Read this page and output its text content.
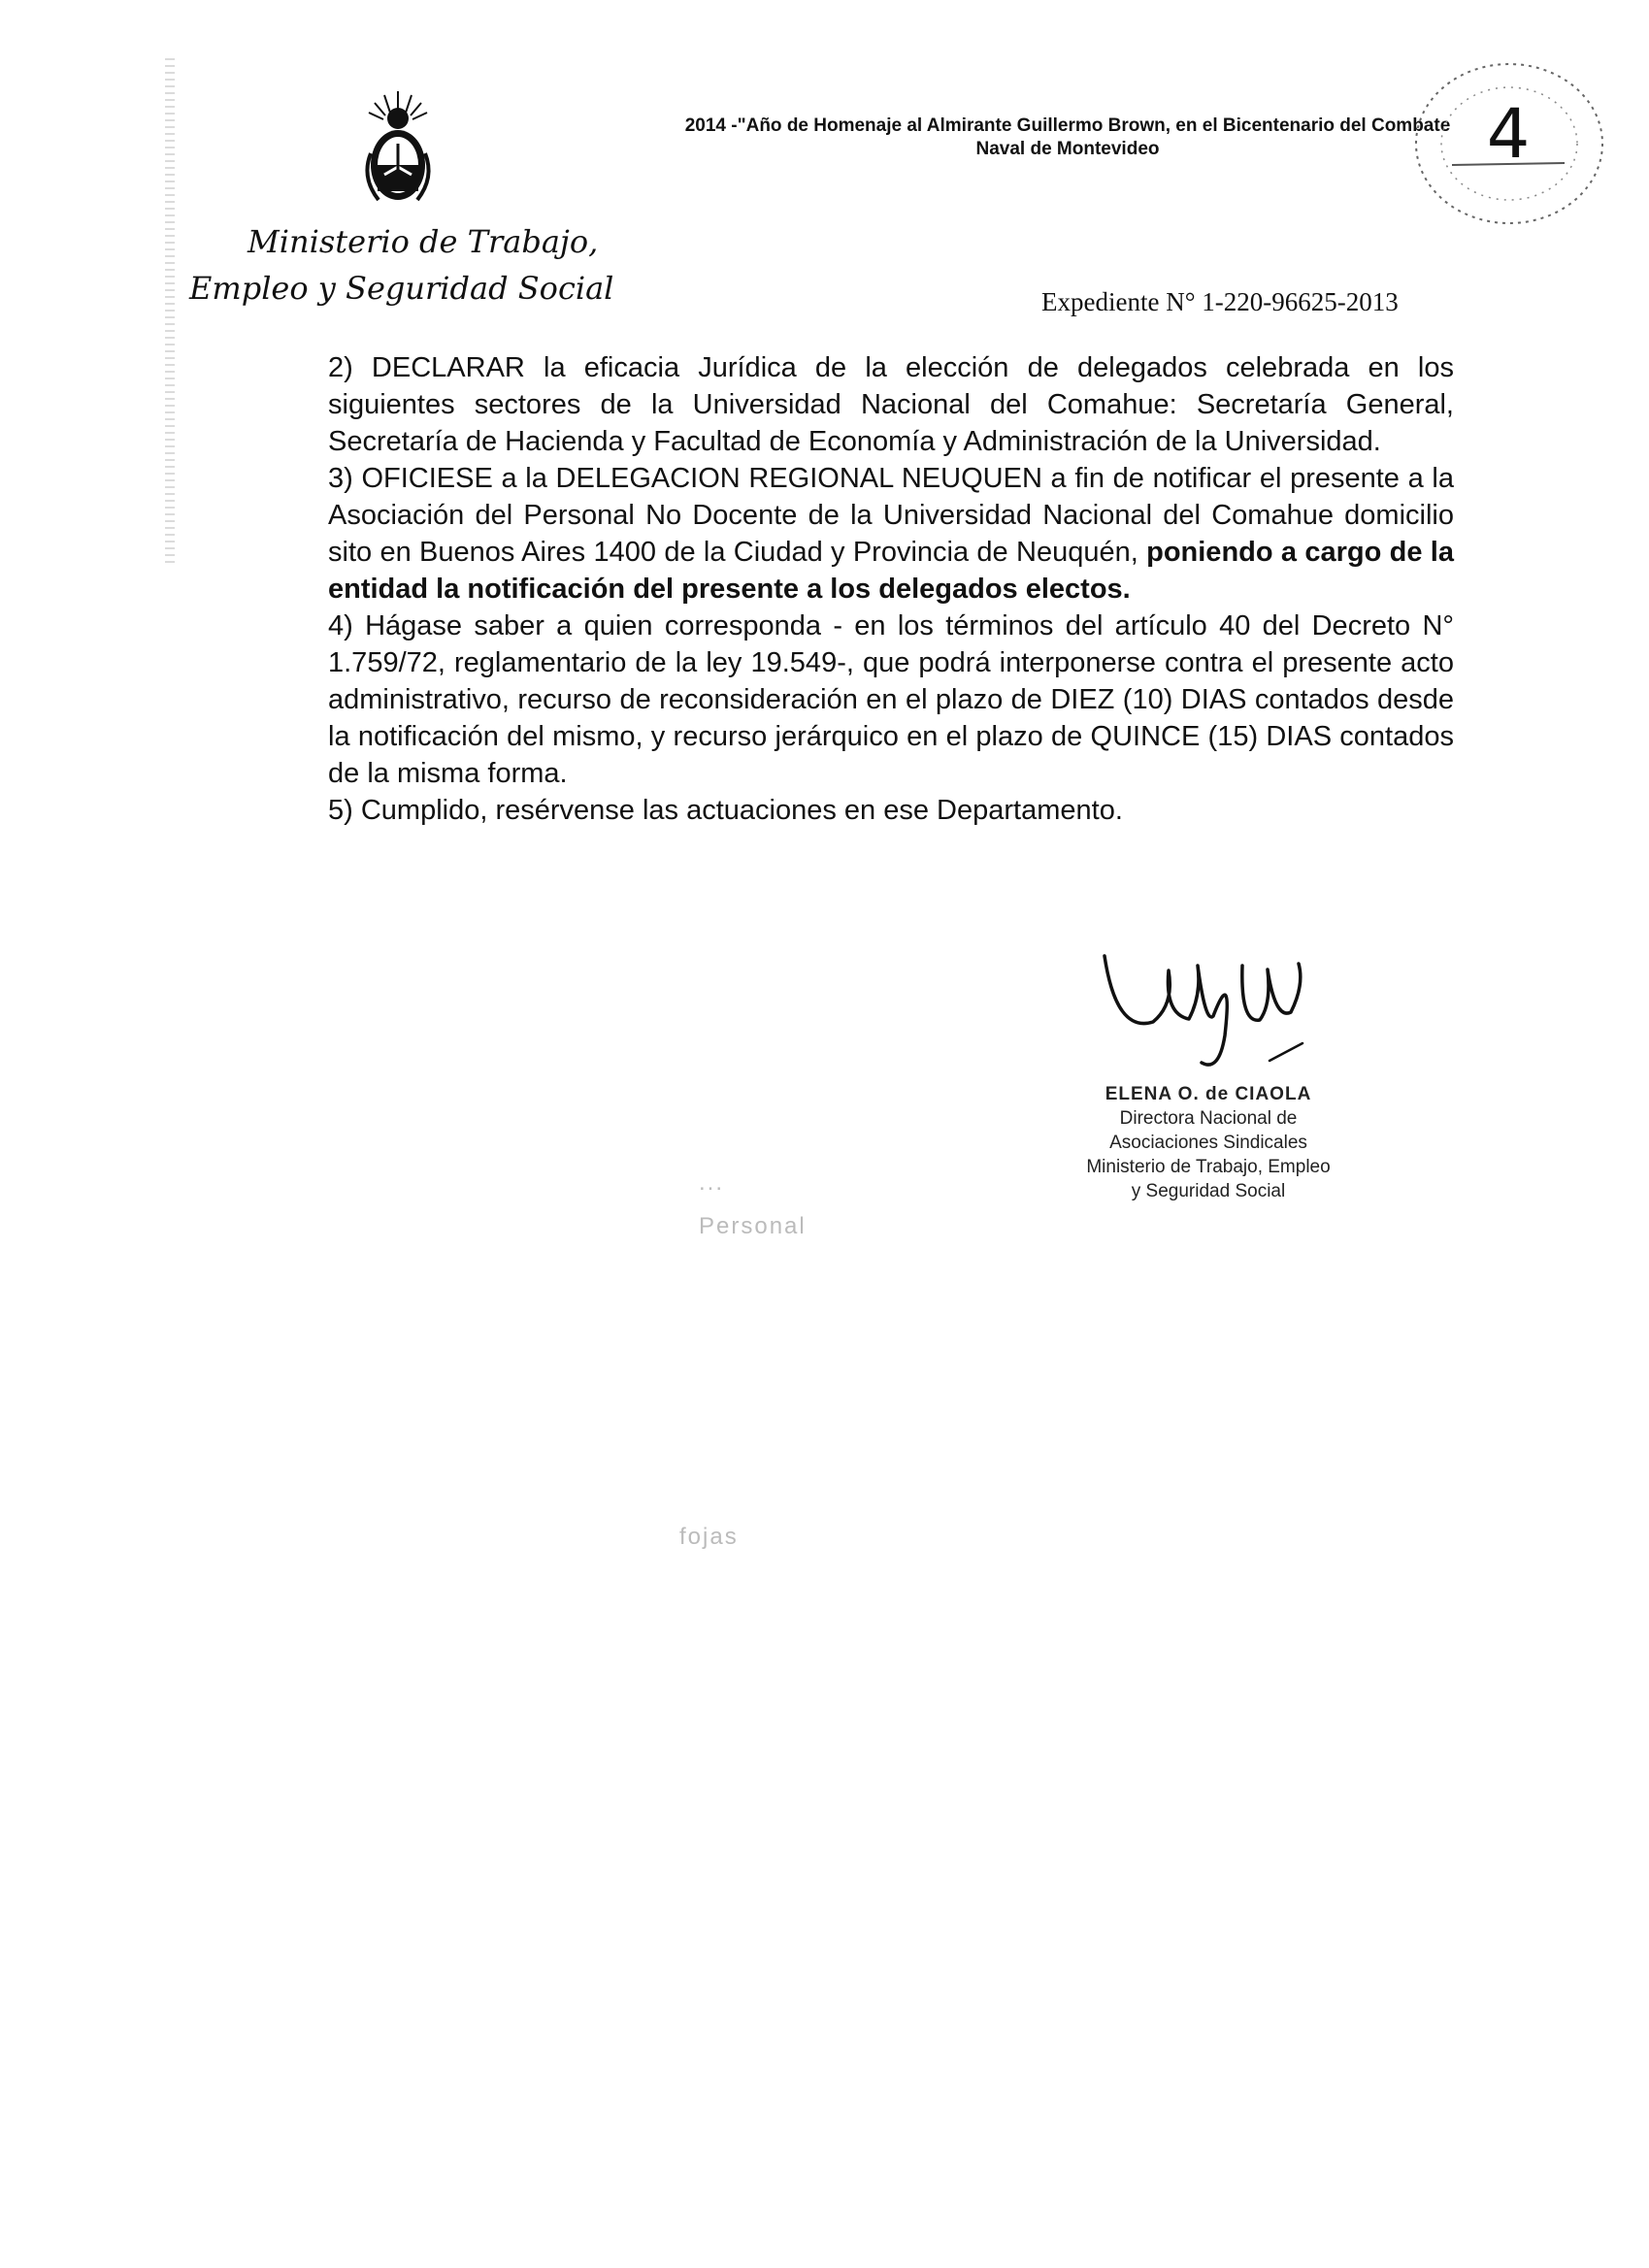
Ministerio de Trabajo,
Empleo y Seguridad Social
2014 -"Año de Homenaje al Almirante Guillermo Brown, en el Bicentenario del Combate
Naval de Montevideo	4
Expediente N° 1-220-96625-2013

2) DECLARAR la eficacia Jurídica de la elección de delegados celebrada en los siguientes sectores de la Universidad Nacional del Comahue: Secretaría General, Secretaría de Hacienda y Facultad de Economía y Administración de la Universidad.

3) OFICIESE a la DELEGACION REGIONAL NEUQUEN a fin de notificar el presente a la Asociación del Personal No Docente de la Universidad Nacional del Comahue domicilio sito en Buenos Aires 1400 de la Ciudad y Provincia de Neuquén, poniendo a cargo de la entidad la notificación del presente a los delegados electos.

4) Hágase saber a quien corresponda - en los términos del artículo 40 del Decreto N° 1.759/72, reglamentario de la ley 19.549-, que podrá interponerse contra el presente acto administrativo, recurso de reconsideración en el plazo de DIEZ (10) DIAS contados desde la notificación del mismo, y recurso jerárquico en el plazo de QUINCE (15) DIAS contados de la misma forma.

5) Cumplido, resérvense las actuaciones en ese Departamento.

ELENA O. de CIAOLA
Directora Nacional de
Asociaciones Sindicales
Ministerio de Trabajo, Empleo
y Seguridad Social
...
Personal
fojas
